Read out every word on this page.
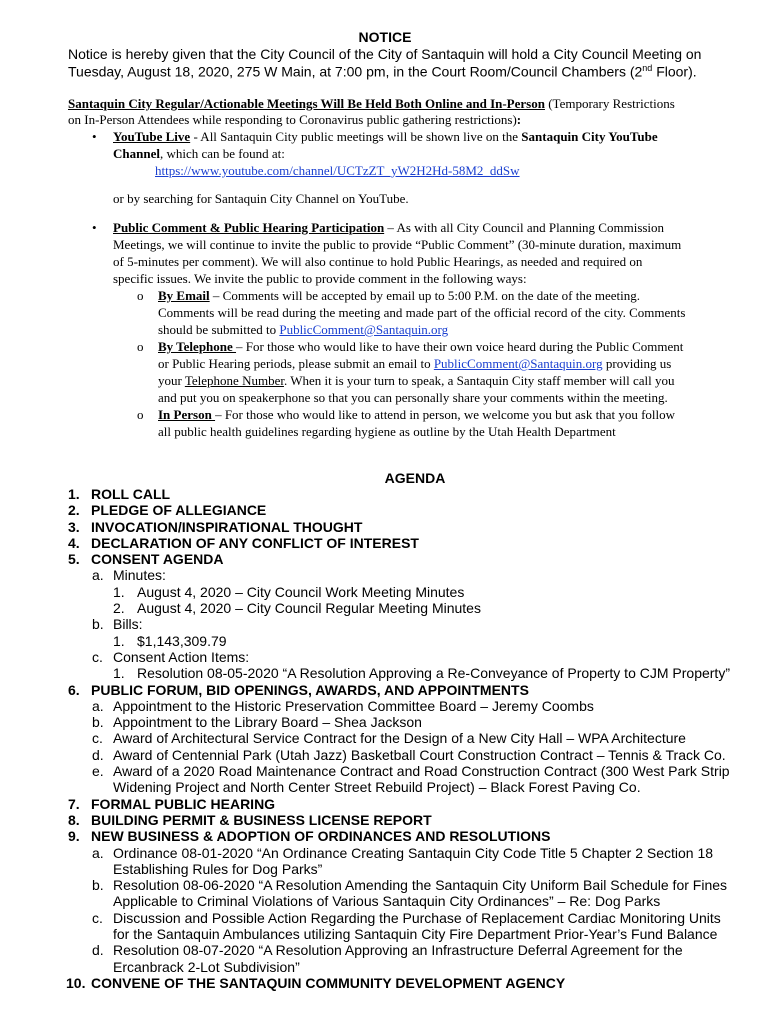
NOTICE
Notice is hereby given that the City Council of the City of Santaquin will hold a City Council Meeting on
Tuesday, August 18, 2020, 275 W Main, at 7:00 pm, in the Court Room/Council Chambers (2nd Floor).
Santaquin City Regular/Actionable Meetings Will Be Held Both Online and In-Person (Temporary Restrictions
on In-Person Attendees while responding to Coronavirus public gathering restrictions):
• YouTube Live - All Santaquin City public meetings will be shown live on the Santaquin City YouTube
Channel, which can be found at:
https://www.youtube.com/channel/UCTzZT_yW2H2Hd-58M2_ddSw
or by searching for Santaquin City Channel on YouTube.
• Public Comment & Public Hearing Participation – As with all City Council and Planning Commission
Meetings, we will continue to invite the public to provide “Public Comment” (30-minute duration, maximum
of 5-minutes per comment). We will also continue to hold Public Hearings, as needed and required on
specific issues. We invite the public to provide comment in the following ways:
o By Email – Comments will be accepted by email up to 5:00 P.M. on the date of the meeting.
Comments will be read during the meeting and made part of the official record of the city. Comments
should be submitted to PublicComment@Santaquin.org
o By Telephone – For those who would like to have their own voice heard during the Public Comment
or Public Hearing periods, please submit an email to PublicComment@Santaquin.org providing us
your Telephone Number. When it is your turn to speak, a Santaquin City staff member will call you
and put you on speakerphone so that you can personally share your comments within the meeting.
o In Person – For those who would like to attend in person, we welcome you but ask that you follow
all public health guidelines regarding hygiene as outline by the Utah Health Department
AGENDA
1. ROLL CALL
2. PLEDGE OF ALLEGIANCE
3. INVOCATION/INSPIRATIONAL THOUGHT
4. DECLARATION OF ANY CONFLICT OF INTEREST
5. CONSENT AGENDA
a. Minutes:
1. August 4, 2020 – City Council Work Meeting Minutes
2. August 4, 2020 – City Council Regular Meeting Minutes
b. Bills:
1. $1,143,309.79
c. Consent Action Items:
1. Resolution 08-05-2020 “A Resolution Approving a Re-Conveyance of Property to CJM Property”
6. PUBLIC FORUM, BID OPENINGS, AWARDS, AND APPOINTMENTS
a. Appointment to the Historic Preservation Committee Board – Jeremy Coombs
b. Appointment to the Library Board – Shea Jackson
c. Award of Architectural Service Contract for the Design of a New City Hall – WPA Architecture
d. Award of Centennial Park (Utah Jazz) Basketball Court Construction Contract – Tennis & Track Co.
e. Award of a 2020 Road Maintenance Contract and Road Construction Contract (300 West Park Strip
Widening Project and North Center Street Rebuild Project) – Black Forest Paving Co.
7. FORMAL PUBLIC HEARING
8. BUILDING PERMIT & BUSINESS LICENSE REPORT
9. NEW BUSINESS & ADOPTION OF ORDINANCES AND RESOLUTIONS
a. Ordinance 08-01-2020 “An Ordinance Creating Santaquin City Code Title 5 Chapter 2 Section 18
Establishing Rules for Dog Parks”
b. Resolution 08-06-2020 “A Resolution Amending the Santaquin City Uniform Bail Schedule for Fines
Applicable to Criminal Violations of Various Santaquin City Ordinances” – Re: Dog Parks
c. Discussion and Possible Action Regarding the Purchase of Replacement Cardiac Monitoring Units
for the Santaquin Ambulances utilizing Santaquin City Fire Department Prior-Year’s Fund Balance
d. Resolution 08-07-2020 “A Resolution Approving an Infrastructure Deferral Agreement for the
Ercanbrack 2-Lot Subdivision”
10. CONVENE OF THE SANTAQUIN COMMUNITY DEVELOPMENT AGENCY
